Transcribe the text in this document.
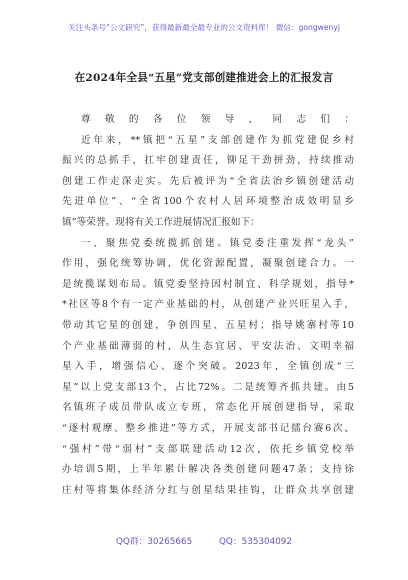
关注头条号“公文研究”，获得最新最全最专业的公文资料库！ 微信：gongwenyj
在2024年全县“五星”党支部创建推进会上的汇报发言
尊敬的各位领导，同志们：
近年来，**镇把“五星”支部创建作为抓党建促乡村
振兴的总抓手，扛牢创建责任，铆足干劲拼劲，持续推动
创建工作走深走实。先后被评为“全省法治乡镇创建活动
先进单位”、“全省100个农村人居环境整治成效明显乡
镇”等荣誉。现将有关工作进展情况汇报如下：
一、聚焦党委统揽抓创建。镇党委注重发挥“龙头”
作用，强化统筹协调，优化资源配置，凝聚创建合力。一
是统揽谋划布局。镇党委坚持因村制宜、科学规划，指导*
*社区等8个有一定产业基础的村，从创建产业兴旺星入手，
带动其它星的创建，争创四星、五星村；指导姚寨村等10
个产业基础薄弱的村，从生态宜居、平安法治、文明幸福
星入手，增强信心、逐个突破。2023年，全镇创成“三
星”以上党支部13个，占比72%。二是统筹齐抓共建。由5
名镇班子成员带队成立专班，常态化开展创建指导，采取
“逐村观摩、整乡推进”等方式，开展支部书记擂台赛6次、
“强村”带“弱村”支部联建活动12次，依托乡镇党校举
办培训5期，上半年累计解决各类创建问题47条；支持徐
庄村等将集体经济分红与创星结果挂钩，让群众共享创建
QQ群：30265665	QQ：535304092
